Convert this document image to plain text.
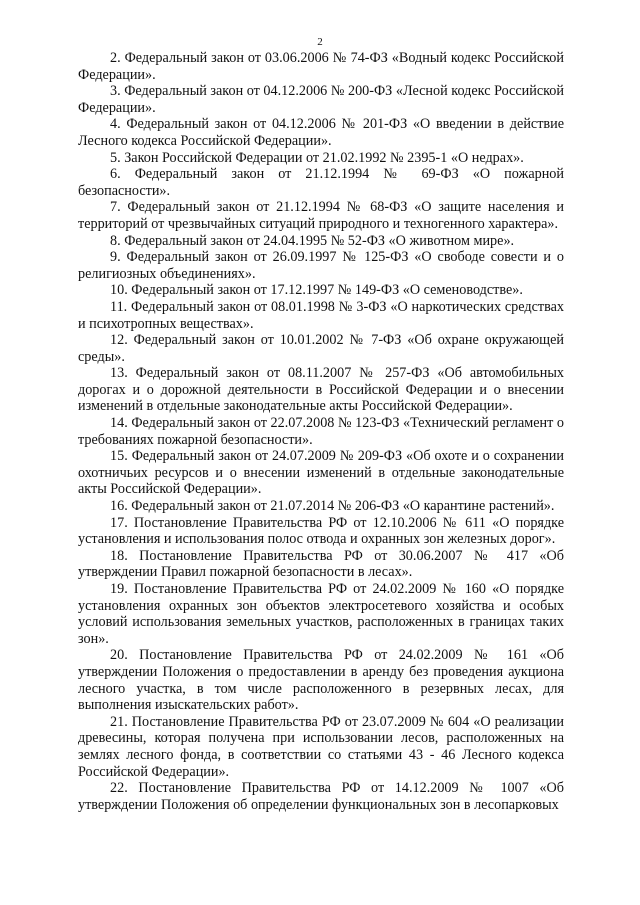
2

2. Федеральный закон от 03.06.2006 № 74-ФЗ «Водный кодекс Российской Федерации».

3. Федеральный закон от 04.12.2006 № 200-ФЗ «Лесной кодекс Российской Федерации».

4. Федеральный закон от 04.12.2006 № 201-ФЗ «О введении в действие Лесного кодекса Российской Федерации».

5. Закон Российской Федерации от 21.02.1992 № 2395-1 «О недрах».

6. Федеральный закон от 21.12.1994 № 69-ФЗ «О пожарной безопасности».

7. Федеральный закон от 21.12.1994 № 68-ФЗ «О защите населения и территорий от чрезвычайных ситуаций природного и техногенного характера».

8. Федеральный закон от 24.04.1995 № 52-ФЗ «О животном мире».

9. Федеральный закон от 26.09.1997 № 125-ФЗ «О свободе совести и о религиозных объединениях».

10. Федеральный закон от 17.12.1997 № 149-ФЗ «О семеноводстве».

11. Федеральный закон от 08.01.1998 № 3-ФЗ «О наркотических средствах и психотропных веществах».

12. Федеральный закон от 10.01.2002 № 7-ФЗ «Об охране окружающей среды».

13. Федеральный закон от 08.11.2007 № 257-ФЗ «Об автомобильных дорогах и о дорожной деятельности в Российской Федерации и о внесении изменений в отдельные законодательные акты Российской Федерации».

14. Федеральный закон от 22.07.2008 № 123-ФЗ «Технический регламент о требованиях пожарной безопасности».

15. Федеральный закон от 24.07.2009 № 209-ФЗ «Об охоте и о сохранении охотничьих ресурсов и о внесении изменений в отдельные законодательные акты Российской Федерации».

16. Федеральный закон от 21.07.2014 № 206-ФЗ «О карантине растений».

17. Постановление Правительства РФ от 12.10.2006 № 611 «О порядке установления и использования полос отвода и охранных зон железных дорог».

18. Постановление Правительства РФ от 30.06.2007 № 417 «Об утверждении Правил пожарной безопасности в лесах».

19. Постановление Правительства РФ от 24.02.2009 № 160 «О порядке установления охранных зон объектов электросетевого хозяйства и особых условий использования земельных участков, расположенных в границах таких зон».

20. Постановление Правительства РФ от 24.02.2009 № 161 «Об утверждении Положения о предоставлении в аренду без проведения аукциона лесного участка, в том числе расположенного в резервных лесах, для выполнения изыскательских работ».

21. Постановление Правительства РФ от 23.07.2009 № 604 «О реализации древесины, которая получена при использовании лесов, расположенных на землях лесного фонда, в соответствии со статьями 43 - 46 Лесного кодекса Российской Федерации».

22. Постановление Правительства РФ от 14.12.2009 № 1007 «Об утверждении Положения об определении функциональных зон в лесопарковых
